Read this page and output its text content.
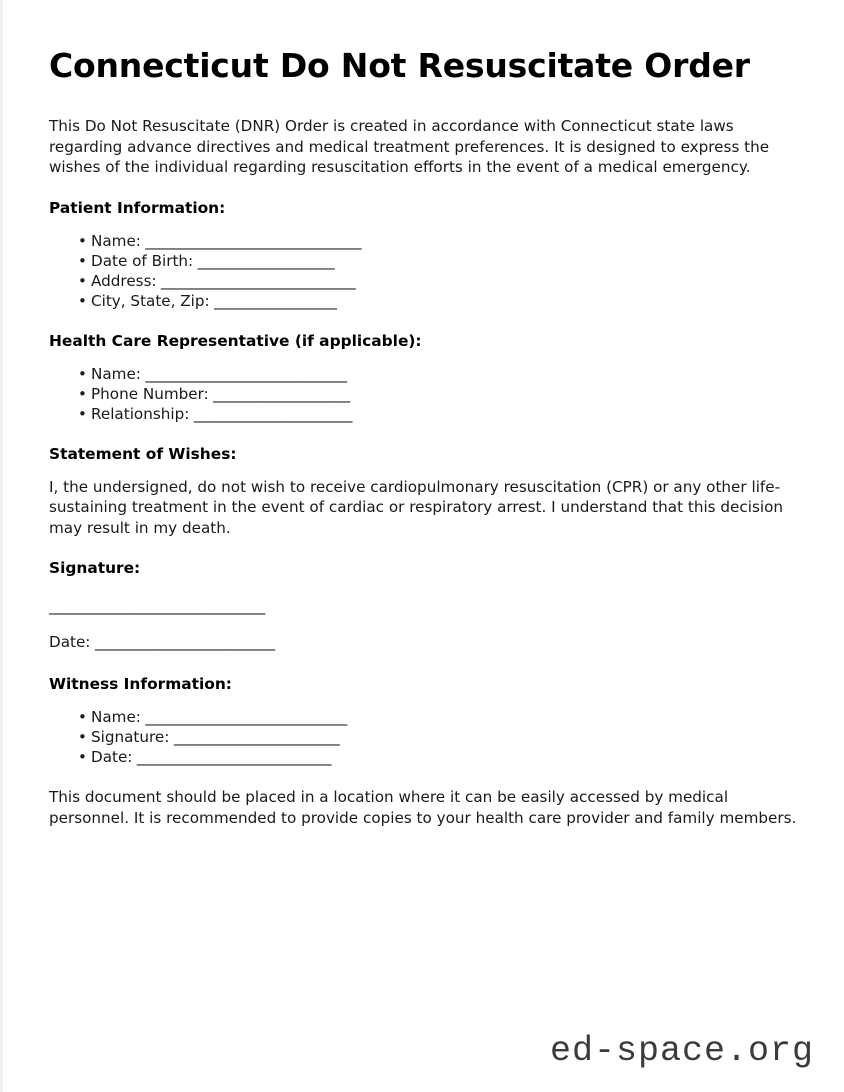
Connecticut Do Not Resuscitate Order

This Do Not Resuscitate (DNR) Order is created in accordance with Connecticut state laws regarding advance directives and medical treatment preferences. It is designed to express the wishes of the individual regarding resuscitation efforts in the event of a medical emergency.

Patient Information:
• Name: ______________________________
• Date of Birth: ___________________
• Address: ___________________________
• City, State, Zip: _________________
Health Care Representative (if applicable):
• Name: ____________________________
• Phone Number: ___________________
• Relationship: ______________________
Statement of Wishes:

I, the undersigned, do not wish to receive cardiopulmonary resuscitation (CPR) or any other life-sustaining treatment in the event of cardiac or respiratory arrest. I understand that this decision may result in my death.

Signature:
______________________________
Date: _________________________
Witness Information:
• Name: ____________________________
• Signature: _______________________
• Date: ___________________________

This document should be placed in a location where it can be easily accessed by medical personnel. It is recommended to provide copies to your health care provider and family members.

ed-space.org
